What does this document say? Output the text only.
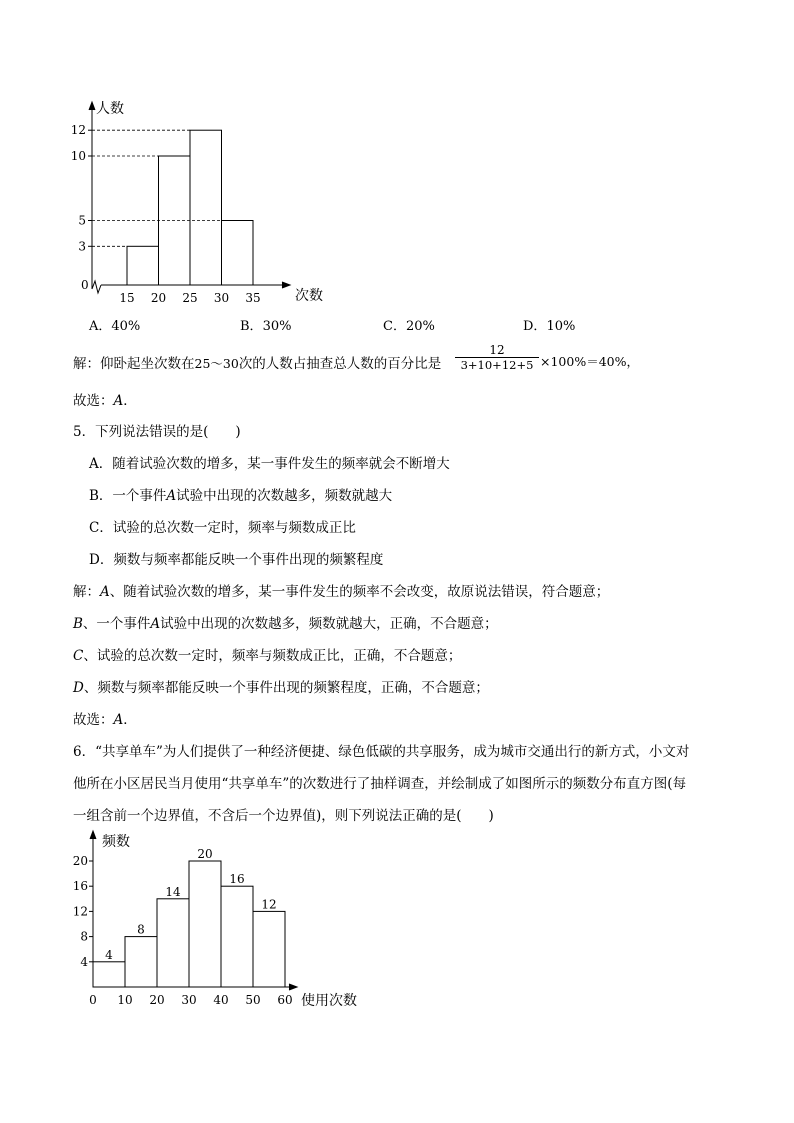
12
10
5
3
15 20 25 30 35
人数
次数
0
A．40%	B．30%	C．20%	D．10%
解：仰卧起坐次数在25～30次的人数占抽查总人数的百分比是
12
3+10+12+5 ×100%＝40%，
故选：A．
5．下列说法错误的是(　　)
A．随着试验次数的增多，某一事件发生的频率就会不断增大
B．一个事件A试验中出现的次数越多，频数就越大
C．试验的总次数一定时，频率与频数成正比
D．频数与频率都能反映一个事件出现的频繁程度
解：A、随着试验次数的增多，某一事件发生的频率不会改变，故原说法错误，符合题意；
B、一个事件A试验中出现的次数越多，频数就越大，正确，不合题意；
C、试验的总次数一定时，频率与频数成正比，正确，不合题意；
D、频数与频率都能反映一个事件出现的频繁程度，正确，不合题意；
故选：A．
6．“共享单车”为人们提供了一种经济便捷、绿色低碳的共享服务，成为城市交通出行的新方式，小文对
他所在小区居民当月使用“共享单车”的次数进行了抽样调查，并绘制成了如图所示的频数分布直方图(每
一组含前一个边界值，不含后一个边界值)，则下列说法正确的是(　　)
4
8
14
20
16
12
20
16
12
8
4
0 10 20 30 40 50 60
频数
使用次数
